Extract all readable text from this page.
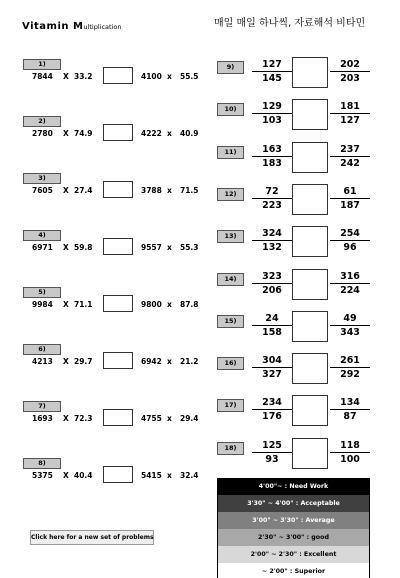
Vitamin Multiplication	매일 매일 하나씩, 자료해석 비타민
1)
7844 X 33.2	4100 x 55.5
2)
2780 X 74.9	4222 x 40.9
3)
7605 X 27.4	3788 x 71.5
4)
6971 X 59.8	9557 x 55.3
5)
9984 X 71.1	9800 x 87.8
6)
4213 X 29.7	6942 x 21.2
7)
1693 X 72.3	4755 x 29.4
8)
5375 X 40.4	5415 x 32.4
9)	127
145
202
203
10)	129
103
181
127
11)	163
183
237
242
12)	72
223
61
187
13)	324
132
254
96
14)	323
206
316
224
15)	24
158
49
343
16)	304
327
261
292
17)	234
176
134
87
18)	125
93
118
100
4'00"~ : Need Work
3'30" ~ 4'00" : Acceptable
3'00" ~ 3'30" : Average
2'30" ~ 3'00" : good
2'00" ~ 2'30" : Excellent
~ 2'00" : Superior
Click here for a new set of problems
